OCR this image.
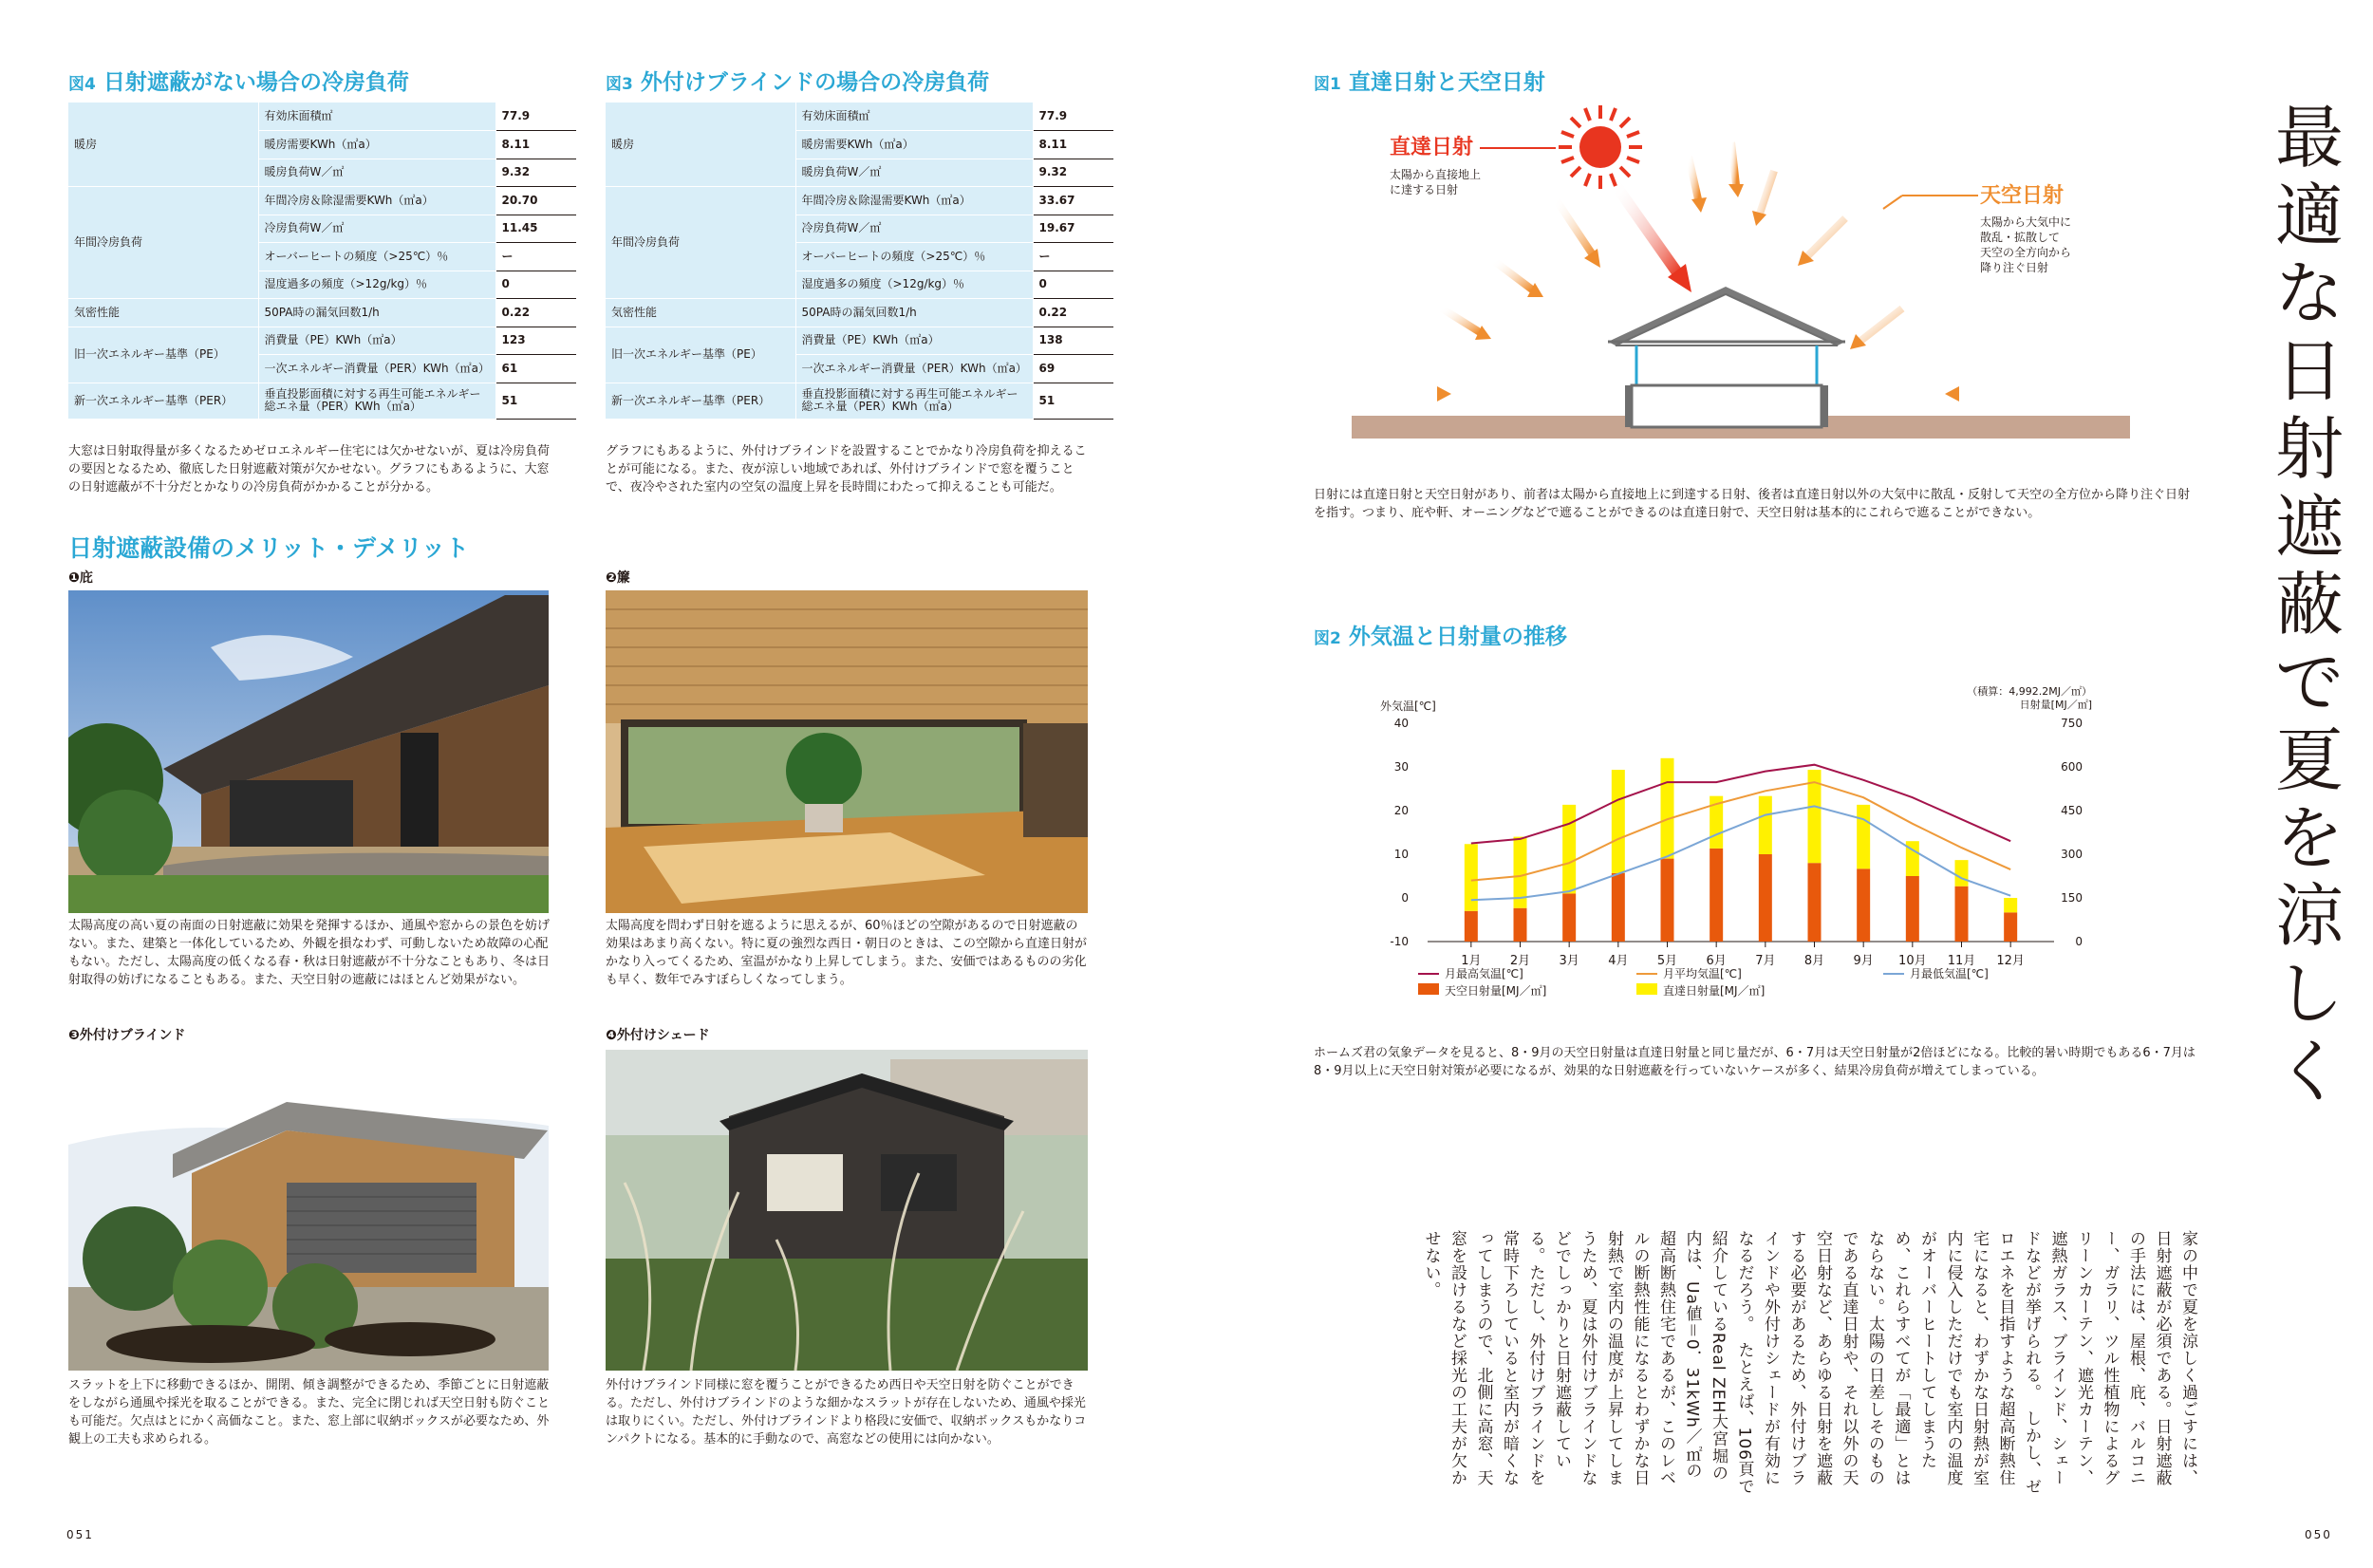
図4 日射遮蔽がない場合の冷房負荷
暖房	有効床面積㎡	77.9	
	暖房需要KWh（㎡a）	8.11	
	暖房負荷W／㎡	9.32	
年間冷房負荷	年間冷房＆除湿需要KWh（㎡a）	20.70	
	冷房負荷W／㎡	11.45	
	オーバーヒートの頻度（>25℃）％	ー	
	湿度過多の頻度（>12g/kg）％	0	
気密性能	50PA時の漏気回数1/h	0.22	
旧一次エネルギー基準（PE）	消費量（PE）KWh（㎡a）	123	
	一次エネルギー消費量（PER）KWh（㎡a）	61	
新一次エネルギー基準（PER）	垂直投影面積に対する再生可能エネルギー総エネ量（PER）KWh（㎡a）	51	
大窓は日射取得量が多くなるためゼロエネルギー住宅には欠かせないが、夏は冷房負荷の要因となるため、徹底した日射遮蔽対策が欠かせない。グラフにもあるように、大窓の日射遮蔽が不十分だとかなりの冷房負荷がかかることが分かる。
図3 外付けブラインドの場合の冷房負荷
暖房	有効床面積㎡	77.9	
	暖房需要KWh（㎡a）	8.11	
	暖房負荷W／㎡	9.32	
年間冷房負荷	年間冷房＆除湿需要KWh（㎡a）	33.67	
	冷房負荷W／㎡	19.67	
	オーバーヒートの頻度（>25℃）％	ー	
	湿度過多の頻度（>12g/kg）％	0	
気密性能	50PA時の漏気回数1/h	0.22	
旧一次エネルギー基準（PE）	消費量（PE）KWh（㎡a）	138	
	一次エネルギー消費量（PER）KWh（㎡a）	69	
新一次エネルギー基準（PER）	垂直投影面積に対する再生可能エネルギー総エネ量（PER）KWh（㎡a）	51	
グラフにもあるように、外付けブラインドを設置することでかなり冷房負荷を抑えることが可能になる。また、夜が涼しい地域であれば、外付けブラインドで窓を覆うことで、夜冷やされた室内の空気の温度上昇を長時間にわたって抑えることも可能だ。
日射遮蔽設備のメリット・デメリット
❶庇
太陽高度の高い夏の南面の日射遮蔽に効果を発揮するほか、通風や窓からの景色を妨げない。また、建築と一体化しているため、外観を損なわず、可動しないため故障の心配もない。ただし、太陽高度の低くなる春・秋は日射遮蔽が不十分なこともあり、冬は日射取得の妨げになることもある。また、天空日射の遮蔽にはほとんど効果がない。
❷簾
太陽高度を問わず日射を遮るように思えるが、60％ほどの空隙があるので日射遮蔽の効果はあまり高くない。特に夏の強烈な西日・朝日のときは、この空隙から直達日射がかなり入ってくるため、室温がかなり上昇してしまう。また、安価ではあるものの劣化も早く、数年でみすぼらしくなってしまう。
❸外付けブラインド
スラットを上下に移動できるほか、開閉、傾き調整ができるため、季節ごとに日射遮蔽をしながら通風や採光を取ることができる。また、完全に閉じれば天空日射も防ぐことも可能だ。欠点はとにかく高価なこと。また、窓上部に収納ボックスが必要なため、外観上の工夫も求められる。
❹外付けシェード
外付けブラインド同様に窓を覆うことができるため西日や天空日射を防ぐことができる。ただし、外付けブラインドのような細かなスラットが存在しないため、通風や採光は取りにくい。ただし、外付けブラインドより格段に安価で、収納ボックスもかなりコンパクトになる。基本的に手動なので、高窓などの使用には向かない。
051
図1 直達日射と天空日射
直達日射
太陽から直接地上
に達する日射	天空日射
太陽から大気中に
散乱・拡散して
天空の全方向から
降り注ぐ日射
日射には直達日射と天空日射があり、前者は太陽から直接地上に到達する日射、後者は直達日射以外の大気中に散乱・反射して天空の全方位から降り注ぐ日射を指す。つまり、庇や軒、オーニングなどで遮ることができるのは直達日射で、天空日射は基本的にこれらで遮ることができない。
図2 外気温と日射量の推移
外気温[℃]
（積算：4,992.2MJ／㎡）
日射量[MJ／㎡]
40
30
20
10
0
-10
750
600
450
300
150
0
1月 2月 3月 4月 5月 6月 7月 8月 9月 10月 11月 12月
月最高気温[℃]	月平均気温[℃]	月最低気温[℃]
天空日射量[MJ／㎡]	直達日射量[MJ／㎡]
ホームズ君の気象データを見ると、8・9月の天空日射量は直達日射量と同じ量だが、6・7月は天空日射量が2倍ほどになる。比較的暑い時期でもある6・7月は8・9月以上に天空日射対策が必要になるが、効果的な日射遮蔽を行っていないケースが多く、結果冷房負荷が増えてしまっている。
最
適
な
日
射
遮
蔽
で
夏
を
涼
し
く
家の中で夏を涼しく過ごすには、日射遮蔽が必須である。日射遮蔽の手法には、屋根、庇、バルコニー、ガラリ、ツル性植物によるグリーンカーテン、遮光カーテン、遮熱ガラス、ブラインド、シェードなどが挙げられる。　しかし、ゼロエネを目指すような超高断熱住宅になると、わずかな日射熱が室内に侵入しただけでも室内の温度がオーバーヒートしてしまうため、これらすべてが「最適」とはならない。太陽の日差しそのものである直達日射や、それ以外の天空日射など、あらゆる日射を遮蔽する必要があるため、外付けブラインドや外付けシェードが有効になるだろう。　たとえば、106頁で紹介しているReal ZEH大宮堀の内は、Ua値＝0．31kWh／㎡の超高断熱住宅であるが、このレベルの断熱性能になるとわずかな日射熱で室内の温度が上昇してしまうため、夏は外付けブラインドなどでしっかりと日射遮蔽している。ただし、外付けブラインドを常時下ろしていると室内が暗くなってしまうので、北側に高窓、天窓を設けるなど採光の工夫が欠かせない。
050
